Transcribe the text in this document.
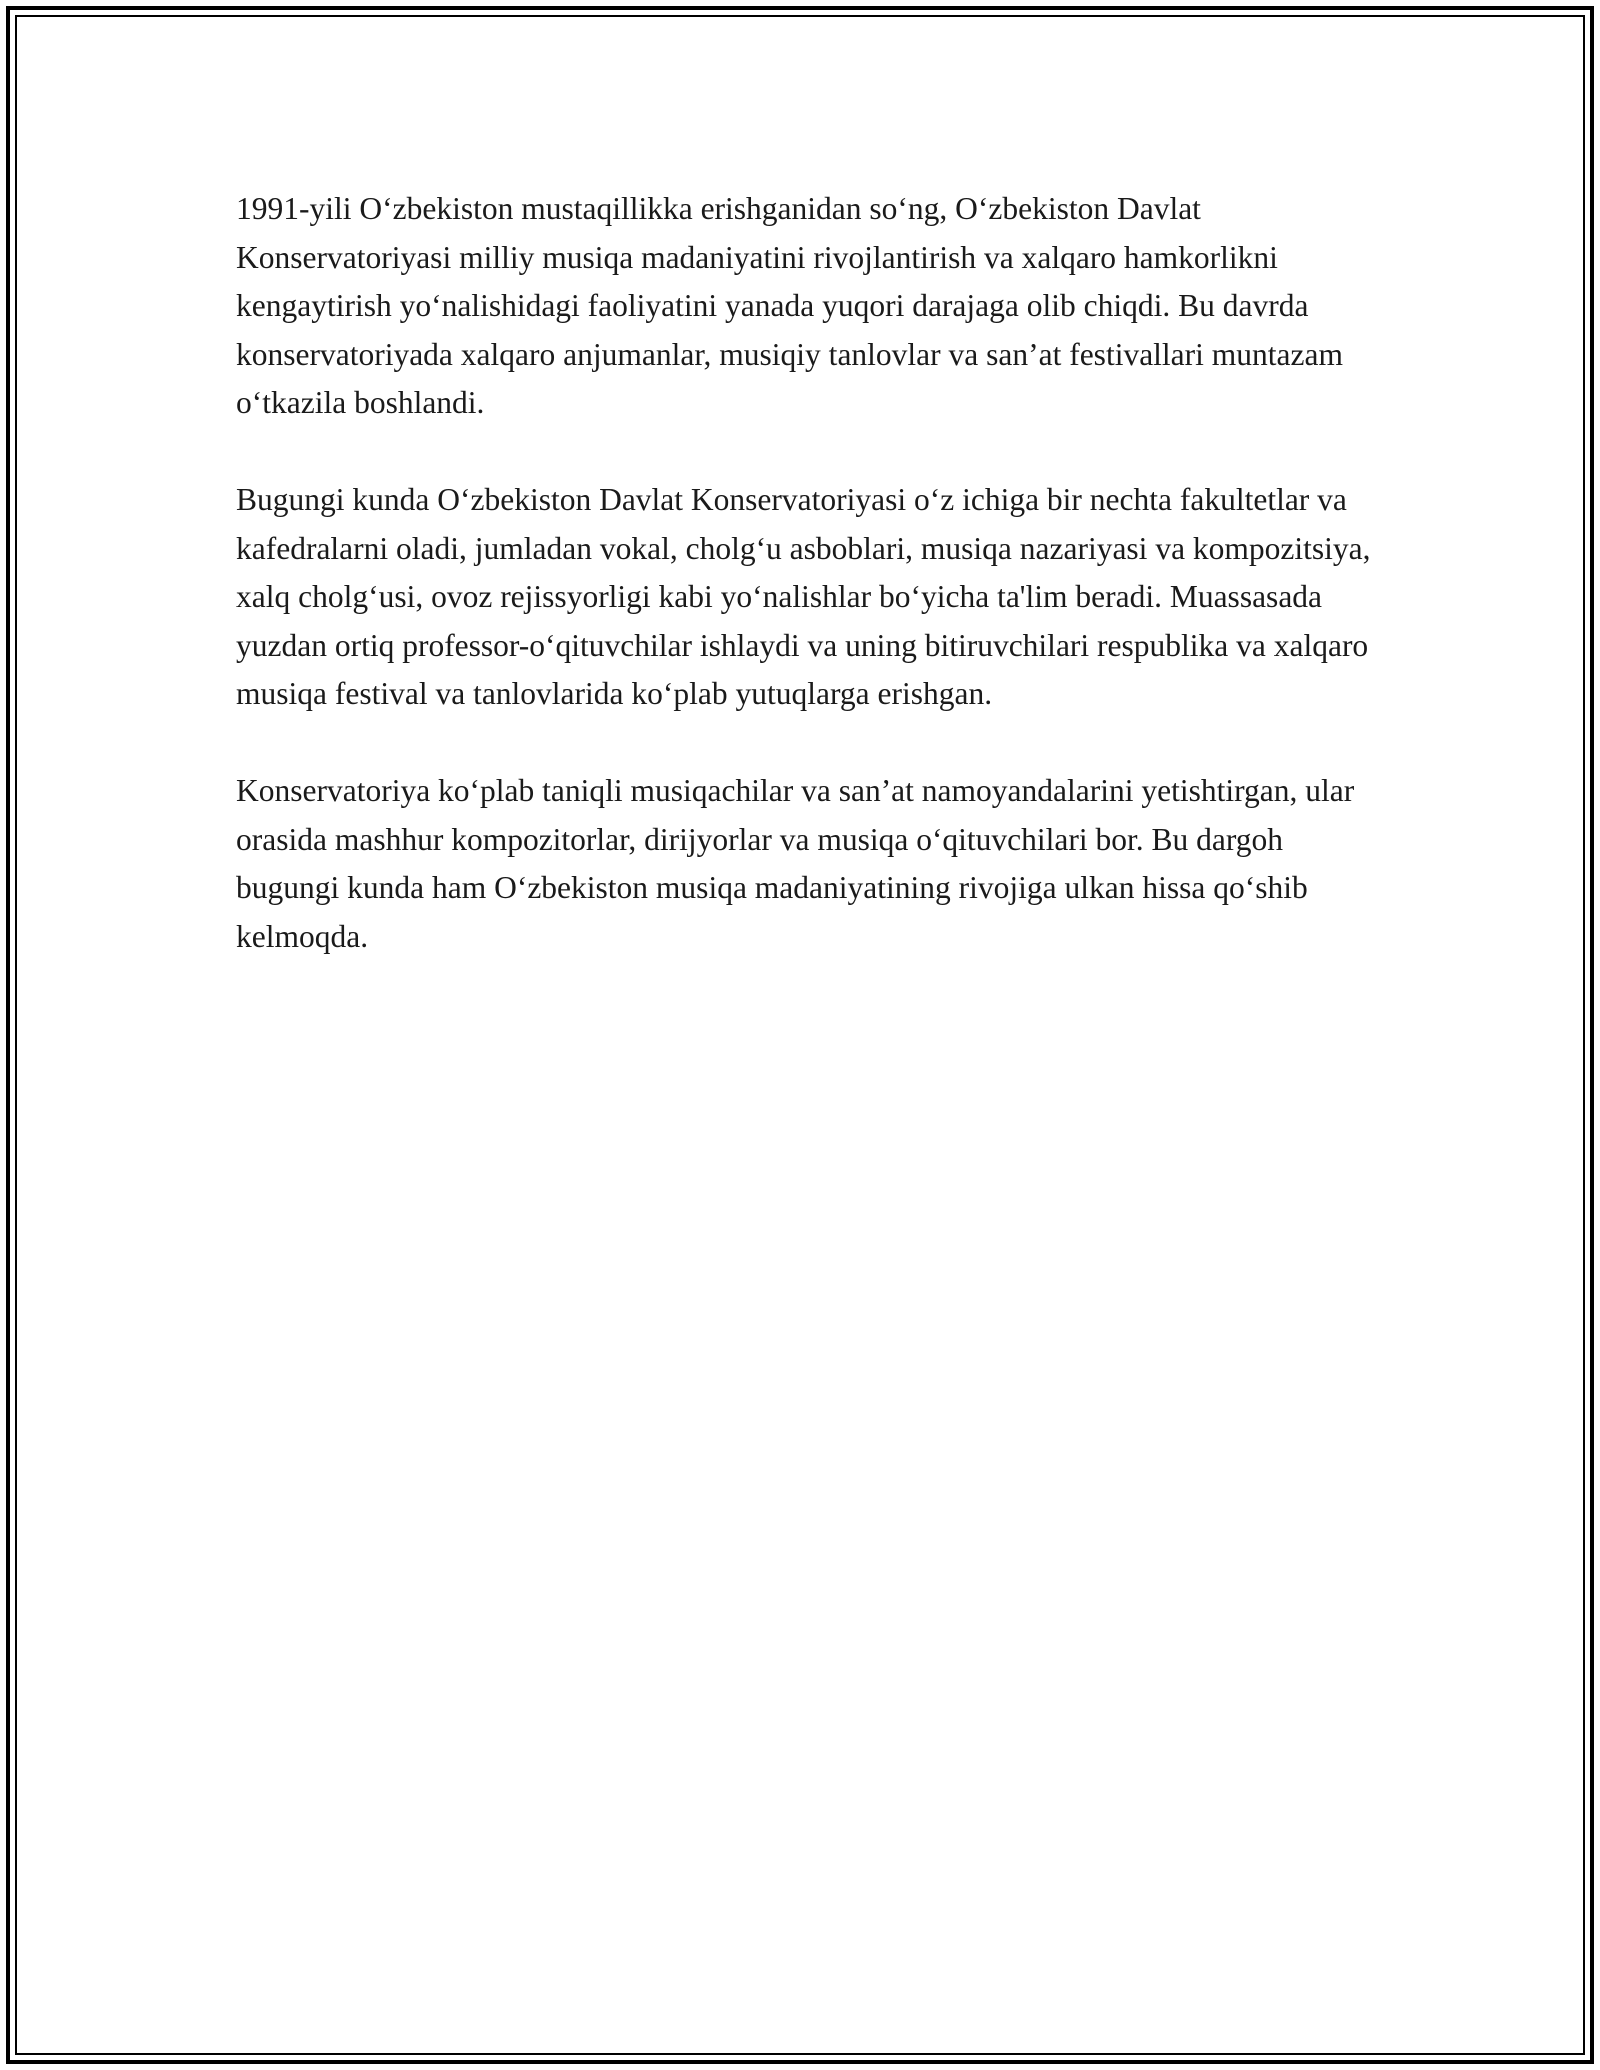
1991-yili O‘zbekiston mustaqillikka erishganidan so‘ng, O‘zbekiston Davlat Konservatoriyasi milliy musiqa madaniyatini rivojlantirish va xalqaro hamkorlikni kengaytirish yo‘nalishidagi faoliyatini yanada yuqori darajaga olib chiqdi. Bu davrda konservatoriyada xalqaro anjumanlar, musiqiy tanlovlar va san’at festivallari muntazam o‘tkazila boshlandi.

Bugungi kunda O‘zbekiston Davlat Konservatoriyasi o‘z ichiga bir nechta fakultetlar va kafedralarni oladi, jumladan vokal, cholg‘u asboblari, musiqa nazariyasi va kompozitsiya, xalq cholg‘usi, ovoz rejissyorligi kabi yo‘nalishlar bo‘yicha ta'lim beradi. Muassasada yuzdan ortiq professor-o‘qituvchilar ishlaydi va uning bitiruvchilari respublika va xalqaro musiqa festival va tanlovlarida ko‘plab yutuqlarga erishgan.

Konservatoriya ko‘plab taniqli musiqachilar va san’at namoyandalarini yetishtirgan, ular orasida mashhur kompozitorlar, dirijyorlar va musiqa o‘qituvchilari bor. Bu dargoh bugungi kunda ham O‘zbekiston musiqa madaniyatining rivojiga ulkan hissa qo‘shib kelmoqda.
